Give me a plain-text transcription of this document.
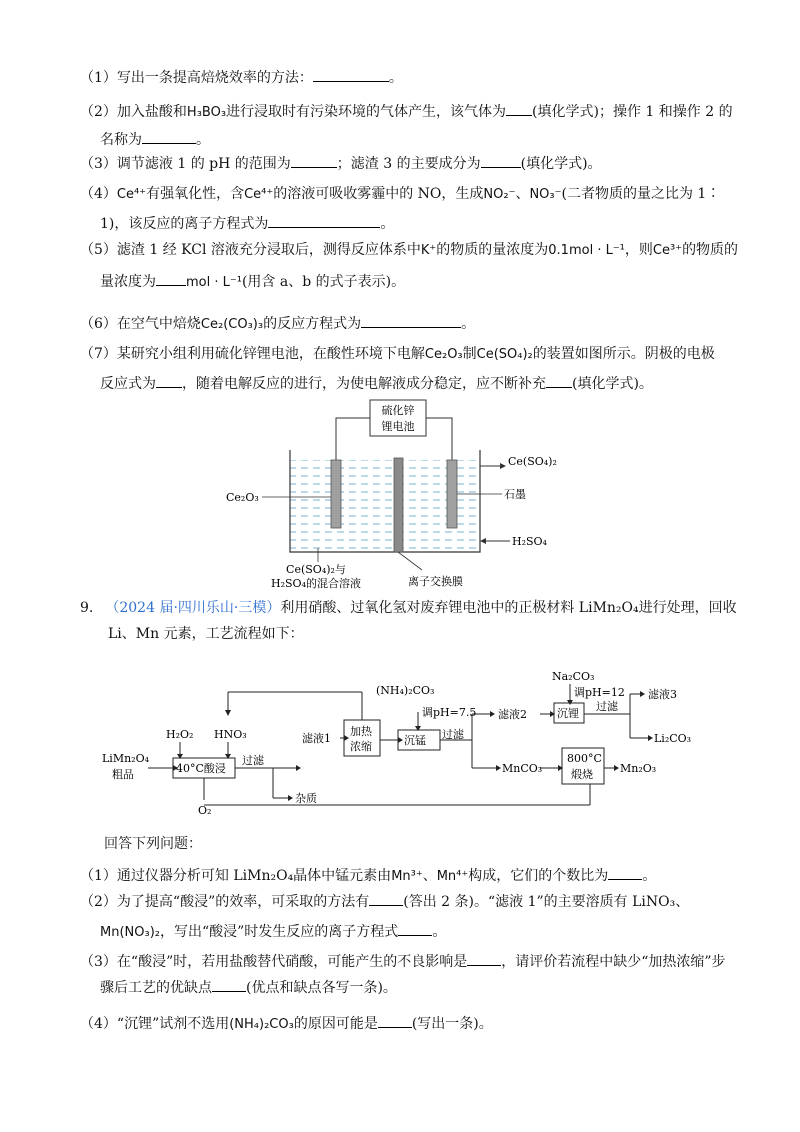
（1）写出一条提高焙烧效率的方法：	。
（2）加入盐酸和H₃BO₃进行浸取时有污染环境的气体产生，该气体为 (填化学式)；操作 1 和操作 2 的
名称为	。
（3）调节滤液 1 的 pH 的范围为	；滤渣 3 的主要成分为	(填化学式)。
（4）Ce⁴⁺有强氧化性，含Ce⁴⁺的溶液可吸收雾霾中的 NO，生成NO₂⁻、NO₃⁻(二者物质的量之比为 1∶
1)，该反应的离子方程式为	。
（5）滤渣 1 经 KCl 溶液充分浸取后，测得反应体系中K⁺的物质的量浓度为0.1mol · L⁻¹，则Ce³⁺的物质的
量浓度为 mol · L⁻¹(用含 a、b 的式子表示)。
（6）在空气中焙烧Ce₂(CO₃)₃的反应方程式为	。
（7）某研究小组利用硫化锌锂电池，在酸性环境下电解Ce₂O₃制Ce(SO₄)₂的装置如图所示。阴极的电极
反应式为 ，随着电解反应的进行，为使电解液成分稳定，应不断补充 (填化学式)。
硫化锌
锂电池
Ce(SO₄)₂
H₂SO₄
石墨
Ce₂O₃
Ce(SO₄)₂与
H₂SO₄的混合溶液	离子交换膜
9. （2024 届·四川乐山·三模）利用硝酸、过氧化氢对废弃锂电池中的正极材料 LiMn₂O₄进行处理，回收
Li、Mn 元素，工艺流程如下：
LiMn₂O₄
粗品
H₂O₂ HNO₃
40°C酸浸
过滤
滤液1
加热
浓缩
(NH₄)₂CO₃
调pH=7.5
沉锰 过滤
滤液2
Na₂CO₃
调pH=12
沉锂
过滤
滤液3
Li₂CO₃
MnCO₃
800°C
煅烧 Mn₂O₃
O₂
杂质
回答下列问题：
（1）通过仪器分析可知 LiMn₂O₄晶体中锰元素由Mn³⁺、Mn⁴⁺构成，它们的个数比为 。
（2）为了提高“酸浸”的效率，可采取的方法有 (答出 2 条)。“滤液 1”的主要溶质有 LiNO₃、
Mn(NO₃)₂，写出“酸浸”时发生反应的离子方程式 。
（3）在“酸浸”时，若用盐酸替代硝酸，可能产生的不良影响是 ，请评价若流程中缺少“加热浓缩”步
骤后工艺的优缺点 (优点和缺点各写一条)。
（4）“沉锂”试剂不选用(NH₄)₂CO₃的原因可能是 (写出一条)。
